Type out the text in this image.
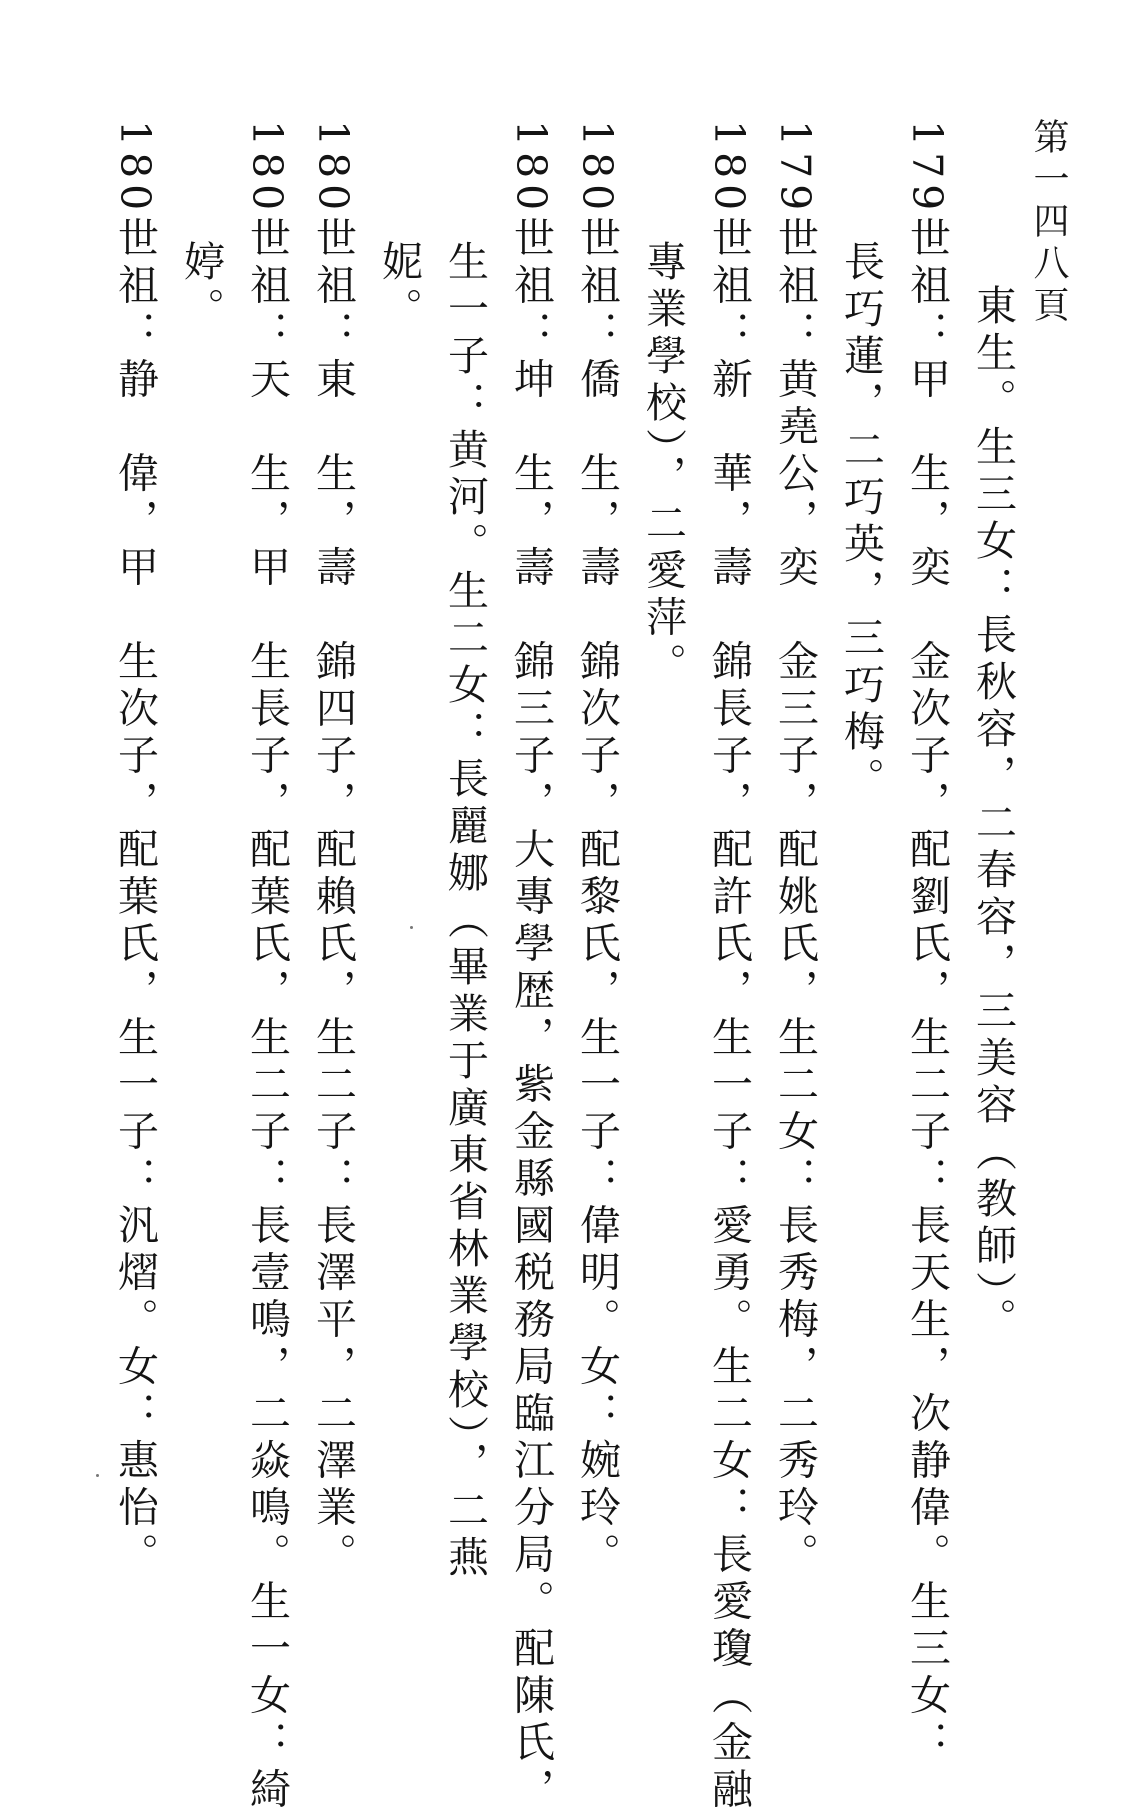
第一四八頁
東生。生三女：長秋容，二春容，三美容（教師）。
179世祖：甲　生，奕　金次子，配劉氏，生二子：長天生，次静偉。生三女：
長巧蓮，二巧英，三巧梅。
179世祖：黄堯公，奕　金三子，配姚氏，生二女：長秀梅，二秀玲。
180世祖：新　華，壽　錦長子，配許氏，生一子：愛勇。生二女：長愛瓊（金融
專業學校），二愛萍。
180世祖：僑　生，壽　錦次子，配黎氏，生一子：偉明。女：婉玲。
180世祖：坤　生，壽　錦三子，大專學歴，紫金縣國税務局臨江分局。配陳氏，
生一子：黄河。生二女：長麗娜（畢業于廣東省林業學校），二燕
妮。
180世祖：東　生，壽　錦四子，配賴氏，生二子：長澤平，二澤業。
180世祖：天　生，甲　生長子，配葉氏，生二子：長壹鳴，二焱鳴。生一女：綺
婷。
180世祖：静　偉，甲　生次子，配葉氏，生一子：汎熠。女：惠怡。
